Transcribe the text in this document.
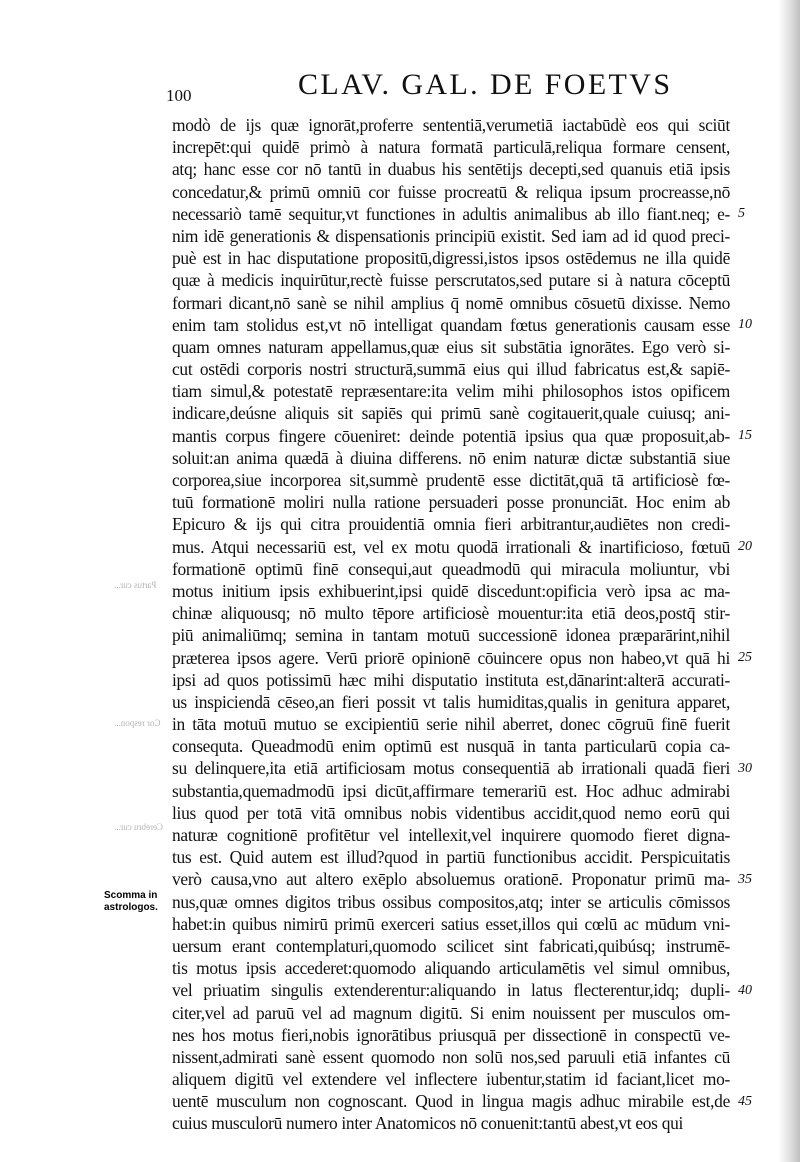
100	CLAV. GAL. DE FOETVS
Partus cur...
Cor respon...
Cerebru cur...
Scomma in astrologos.
modò de ijs quæ ignorāt,proferre sententiā,verumetiā iactabūdè eos qui sciūt
increpēt:qui quidē primò à natura formatā particulā,reliqua formare censent,
atq; hanc esse cor nō tantū in duabus his sentētijs decepti,sed quanuis etiā ipsis
concedatur,& primū omniū cor fuisse procreatū & reliqua ipsum procreasse,nō
necessariò tamē sequitur,vt functiones in adultis animalibus ab illo fiant.neq; e-
nim idē generationis & dispensationis principiū existit. Sed iam ad id quod preci-
puè est in hac disputatione propositū,digressi,istos ipsos ostēdemus ne illa quidē
quæ à medicis inquirūtur,rectè fuisse perscrutatos,sed putare si à natura cōceptū
formari dicant,nō sanè se nihil amplius q̄ nomē omnibus cōsuetū dixisse. Nemo
enim tam stolidus est,vt nō intelligat quandam fœtus generationis causam esse
quam omnes naturam appellamus,quæ eius sit substātia ignorātes. Ego verò si-
cut ostēdi corporis nostri structurā,summā eius qui illud fabricatus est,& sapiē-
tiam simul,& potestatē repræsentare:ita velim mihi philosophos istos opificem
indicare,deúsne aliquis sit sapiēs qui primū sanè cogitauerit,quale cuiusq; ani-
mantis corpus fingere cōueniret: deinde potentiā ipsius qua quæ proposuit,ab-
soluit:an anima quædā à diuina differens. nō enim naturæ dictæ substantiā siue
corporea,siue incorporea sit,summè prudentē esse dictitāt,quā tā artificiosè fœ-
tuū formationē moliri nulla ratione persuaderi posse pronunciāt. Hoc enim ab
Epicuro & ijs qui citra prouidentiā omnia fieri arbitrantur,audiētes non credi-
mus. Atqui necessariū est, vel ex motu quodā irrationali & inartificioso, fœtuū
formationē optimū finē consequi,aut queadmodū qui miracula moliuntur, vbi
motus initium ipsis exhibuerint,ipsi quidē discedunt:opificia verò ipsa ac ma-
chinæ aliquousq; nō multo tēpore artificiosè mouentur:ita etiā deos,postq̄ stir-
piū animaliūmq; semina in tantam motuū successionē idonea præparārint,nihil
præterea ipsos agere. Verū priorē opinionē cōuincere opus non habeo,vt quā hi
ipsi ad quos potissimū hæc mihi disputatio instituta est,dānarint:alterā accurati-
us inspiciendā cēseo,an fieri possit vt talis humiditas,qualis in genitura apparet,
in tāta motuū mutuo se excipientiū serie nihil aberret, donec cōgruū finē fuerit
consequta. Queadmodū enim optimū est nusquā in tanta particularū copia ca-
su delinquere,ita etiā artificiosam motus consequentiā ab irrationali quadā fieri
substantia,quemadmodū ipsi dicūt,affirmare temerariū est. Hoc adhuc admirabi
lius quod per totā vitā omnibus nobis videntibus accidit,quod nemo eorū qui
naturæ cognitionē profitētur vel intellexit,vel inquirere quomodo fieret digna-
tus est. Quid autem est illud?quod in partiū functionibus accidit. Perspicuitatis
verò causa,vno aut altero exēplo absoluemus orationē. Proponatur primū ma-
nus,quæ omnes digitos tribus ossibus compositos,atq; inter se articulis cōmissos
habet:in quibus nimirū primū exerceri satius esset,illos qui cœlū ac mūdum vni-
uersum erant contemplaturi,quomodo scilicet sint fabricati,quibúsq; instrumē-
tis motus ipsis accederet:quomodo aliquando articulamētis vel simul omnibus,
vel priuatim singulis extenderentur:aliquando in latus flecterentur,idq; dupli-
citer,vel ad paruū vel ad magnum digitū. Si enim nouissent per musculos om-
nes hos motus fieri,nobis ignorātibus priusquā per dissectionē in conspectū ve-
nissent,admirati sanè essent quomodo non solū nos,sed paruuli etiā infantes cū
aliquem digitū vel extendere vel inflectere iubentur,statim id faciant,licet mo-
uentē musculum non cognoscant. Quod in lingua magis adhuc mirabile est,de
cuius musculorū numero inter Anatomicos nō conuenit:tantū abest,vt eos qui
5
10
15
20
25
30
35
40
45
